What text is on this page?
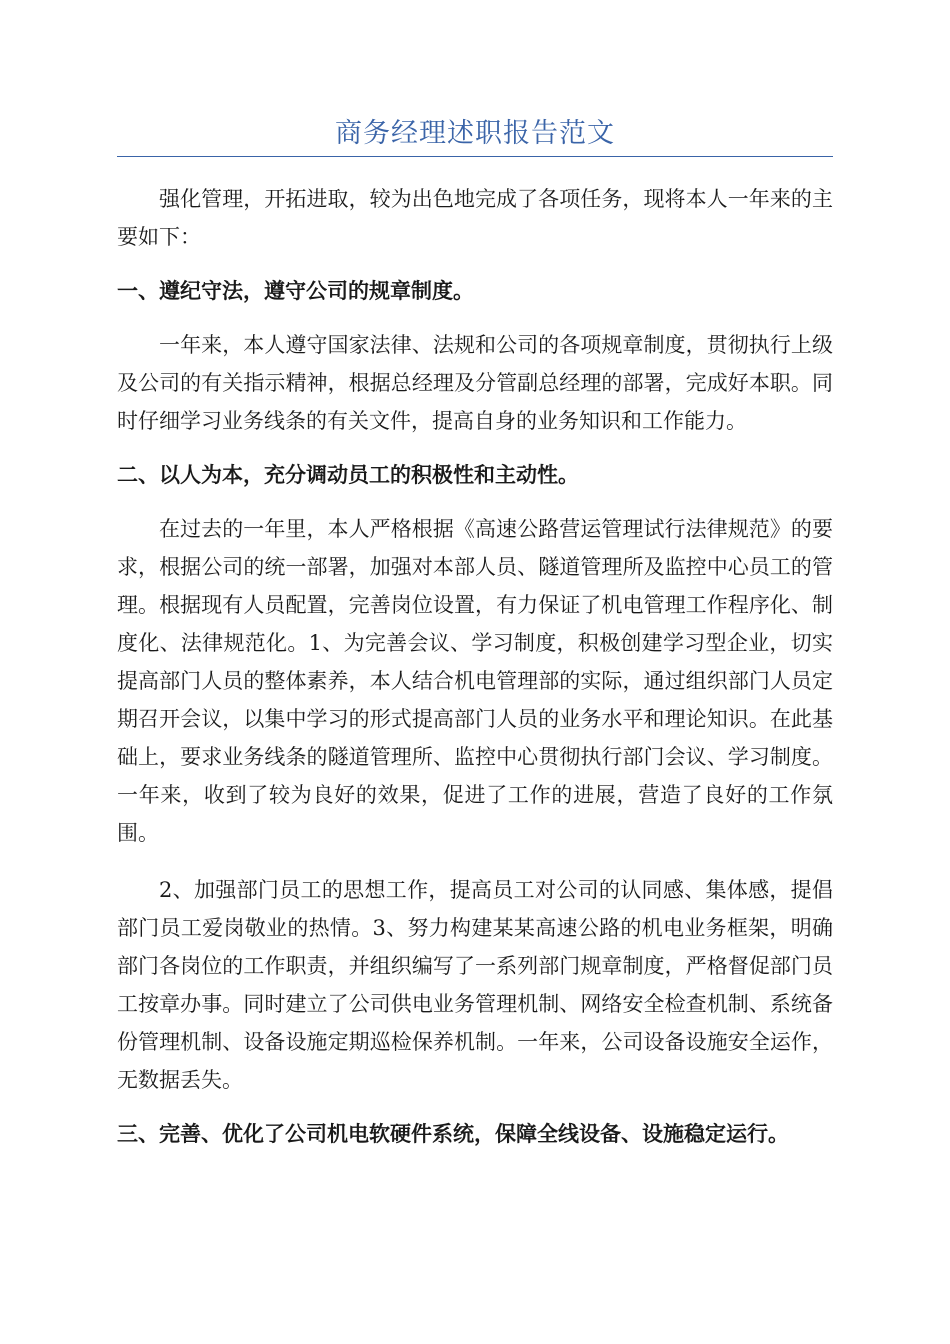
商务经理述职报告范文

强化管理，开拓进取，较为出色地完成了各项任务，现将本人一年来的主要如下：

一、遵纪守法，遵守公司的规章制度。

一年来，本人遵守国家法律、法规和公司的各项规章制度，贯彻执行上级及公司的有关指示精神，根据总经理及分管副总经理的部署，完成好本职。同时仔细学习业务线条的有关文件，提高自身的业务知识和工作能力。

二、以人为本，充分调动员工的积极性和主动性。

在过去的一年里，本人严格根据《高速公路营运管理试行法律规范》的要求，根据公司的统一部署，加强对本部人员、隧道管理所及监控中心员工的管理。根据现有人员配置，完善岗位设置，有力保证了机电管理工作程序化、制度化、法律规范化。1、为完善会议、学习制度，积极创建学习型企业，切实提高部门人员的整体素养，本人结合机电管理部的实际，通过组织部门人员定期召开会议，以集中学习的形式提高部门人员的业务水平和理论知识。在此基础上，要求业务线条的隧道管理所、监控中心贯彻执行部门会议、学习制度。一年来，收到了较为良好的效果，促进了工作的进展，营造了良好的工作氛围。

2、加强部门员工的思想工作，提高员工对公司的认同感、集体感，提倡部门员工爱岗敬业的热情。3、努力构建某某高速公路的机电业务框架，明确部门各岗位的工作职责，并组织编写了一系列部门规章制度，严格督促部门员工按章办事。同时建立了公司供电业务管理机制、网络安全检查机制、系统备份管理机制、设备设施定期巡检保养机制。一年来，公司设备设施安全运作，无数据丢失。

三、完善、优化了公司机电软硬件系统，保障全线设备、设施稳定运行。
